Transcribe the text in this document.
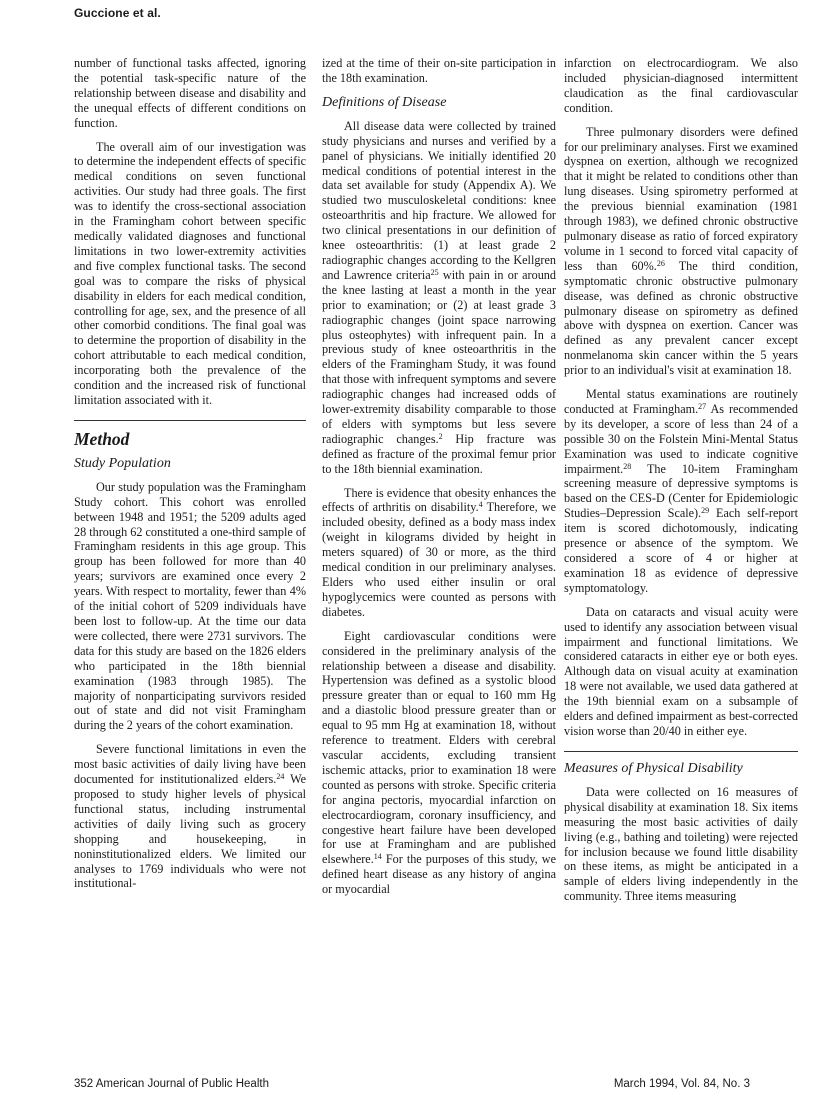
Guccione et al.

number of functional tasks affected, ignoring the potential task-specific nature of the relationship between disease and disability and the unequal effects of different conditions on function.

The overall aim of our investigation was to determine the independent effects of specific medical conditions on seven functional activities. Our study had three goals. The first was to identify the cross-sectional association in the Framingham cohort between specific medically validated diagnoses and functional limitations in two lower-extremity activities and five complex functional tasks. The second goal was to compare the risks of physical disability in elders for each medical condition, controlling for age, sex, and the presence of all other comorbid conditions. The final goal was to determine the proportion of disability in the cohort attributable to each medical condition, incorporating both the prevalence of the condition and the increased risk of functional limitation associated with it.

Method
Study Population

Our study population was the Framingham Study cohort. This cohort was enrolled between 1948 and 1951; the 5209 adults aged 28 through 62 constituted a one-third sample of Framingham residents in this age group. This group has been followed for more than 40 years; survivors are examined once every 2 years. With respect to mortality, fewer than 4% of the initial cohort of 5209 individuals have been lost to follow-up. At the time our data were collected, there were 2731 survivors. The data for this study are based on the 1826 elders who participated in the 18th biennial examination (1983 through 1985). The majority of nonparticipating survivors resided out of state and did not visit Framingham during the 2 years of the cohort examination.

Severe functional limitations in even the most basic activities of daily living have been documented for institutionalized elders.$^{24}$ We proposed to study higher levels of physical functional status, including instrumental activities of daily living such as grocery shopping and housekeeping, in noninstitutionalized elders. We limited our analyses to 1769 individuals who were not institutional-

ized at the time of their on-site participation in the 18th examination.

Definitions of Disease

All disease data were collected by trained study physicians and nurses and verified by a panel of physicians. We initially identified 20 medical conditions of potential interest in the data set available for study (Appendix A). We studied two musculoskeletal conditions: knee osteoarthritis and hip fracture. We allowed for two clinical presentations in our definition of knee osteoarthritis: (1) at least grade 2 radiographic changes according to the Kellgren and Lawrence criteria$^{25}$ with pain in or around the knee lasting at least a month in the year prior to examination; or (2) at least grade 3 radiographic changes (joint space narrowing plus osteophytes) with infrequent pain. In a previous study of knee osteoarthritis in the elders of the Framingham Study, it was found that those with infrequent symptoms and severe radiographic changes had increased odds of lower-extremity disability comparable to those of elders with symptoms but less severe radiographic changes.$^2$ Hip fracture was defined as fracture of the proximal femur prior to the 18th biennial examination.

There is evidence that obesity enhances the effects of arthritis on disability.$^4$ Therefore, we included obesity, defined as a body mass index (weight in kilograms divided by height in meters squared) of 30 or more, as the third medical condition in our preliminary analyses. Elders who used either insulin or oral hypoglycemics were counted as persons with diabetes.

Eight cardiovascular conditions were considered in the preliminary analysis of the relationship between a disease and disability. Hypertension was defined as a systolic blood pressure greater than or equal to 160 mm Hg and a diastolic blood pressure greater than or equal to 95 mm Hg at examination 18, without reference to treatment. Elders with cerebral vascular accidents, excluding transient ischemic attacks, prior to examination 18 were counted as persons with stroke. Specific criteria for angina pectoris, myocardial infarction on electrocardiogram, coronary insufficiency, and congestive heart failure have been developed for use at Framingham and are published elsewhere.$^{14}$ For the purposes of this study, we defined heart disease as any history of angina or myocardial

infarction on electrocardiogram. We also included physician-diagnosed intermittent claudication as the final cardiovascular condition.

Three pulmonary disorders were defined for our preliminary analyses. First we examined dyspnea on exertion, although we recognized that it might be related to conditions other than lung diseases. Using spirometry performed at the previous biennial examination (1981 through 1983), we defined chronic obstructive pulmonary disease as ratio of forced expiratory volume in 1 second to forced vital capacity of less than 60%.$^{26}$ The third condition, symptomatic chronic obstructive pulmonary disease, was defined as chronic obstructive pulmonary disease on spirometry as defined above with dyspnea on exertion. Cancer was defined as any prevalent cancer except nonmelanoma skin cancer within the 5 years prior to an individual's visit at examination 18.

Mental status examinations are routinely conducted at Framingham.$^{27}$ As recommended by its developer, a score of less than 24 of a possible 30 on the Folstein Mini-Mental Status Examination was used to indicate cognitive impairment.$^{28}$ The 10-item Framingham screening measure of depressive symptoms is based on the CES-D (Center for Epidemiologic Studies–Depression Scale).$^{29}$ Each self-report item is scored dichotomously, indicating presence or absence of the symptom. We considered a score of 4 or higher at examination 18 as evidence of depressive symptomatology.

Data on cataracts and visual acuity were used to identify any association between visual impairment and functional limitations. We considered cataracts in either eye or both eyes. Although data on visual acuity at examination 18 were not available, we used data gathered at the 19th biennial exam on a subsample of elders and defined impairment as best-corrected vision worse than 20/40 in either eye.

Measures of Physical Disability

Data were collected on 16 measures of physical disability at examination 18. Six items measuring the most basic activities of daily living (e.g., bathing and toileting) were rejected for inclusion because we found little disability on these items, as might be anticipated in a sample of elders living independently in the community. Three items measuring

352 American Journal of Public Health	March 1994, Vol. 84, No. 3
